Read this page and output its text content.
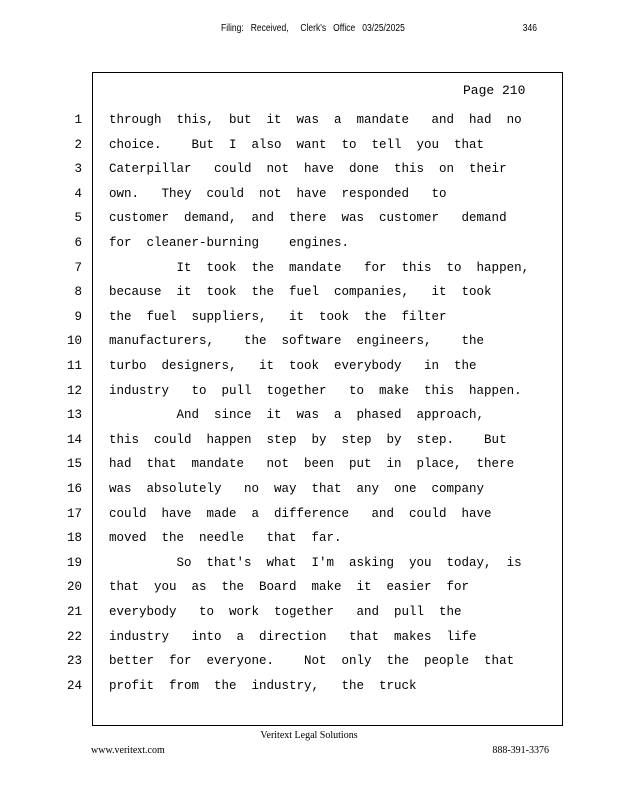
Filing:   Received,     Clerk's   Office   03/25/2025	346
Page 210
1 through  this,  but  it  was  a  mandate   and  had  no
2 choice.    But  I  also  want  to  tell  you  that
3 Caterpillar   could  not  have  done  this  on  their
4 own.   They  could  not  have  responded   to
5 customer  demand,  and  there  was  customer   demand
6 for  cleaner-burning    engines.
7 It  took  the  mandate   for  this  to  happen,
8 because  it  took  the  fuel  companies,   it  took
9 the  fuel  suppliers,   it  took  the  filter
10 manufacturers,    the  software  engineers,    the
11 turbo  designers,   it  took  everybody   in  the
12 industry   to  pull  together   to  make  this  happen.
13 And  since  it  was  a  phased  approach,
14 this  could  happen  step  by  step  by  step.    But
15 had  that  mandate   not  been  put  in  place,  there
16 was  absolutely   no  way  that  any  one  company
17 could  have  made  a  difference   and  could  have
18 moved  the  needle   that  far.
19 So  that's  what  I'm  asking  you  today,  is
20 that  you  as  the  Board  make  it  easier  for
21 everybody   to  work  together   and  pull  the
22 industry   into  a  direction   that  makes  life
23 better  for  everyone.    Not  only  the  people  that
24 profit  from  the  industry,   the  truck
Veritext Legal Solutions
www.veritext.com	888-391-3376
